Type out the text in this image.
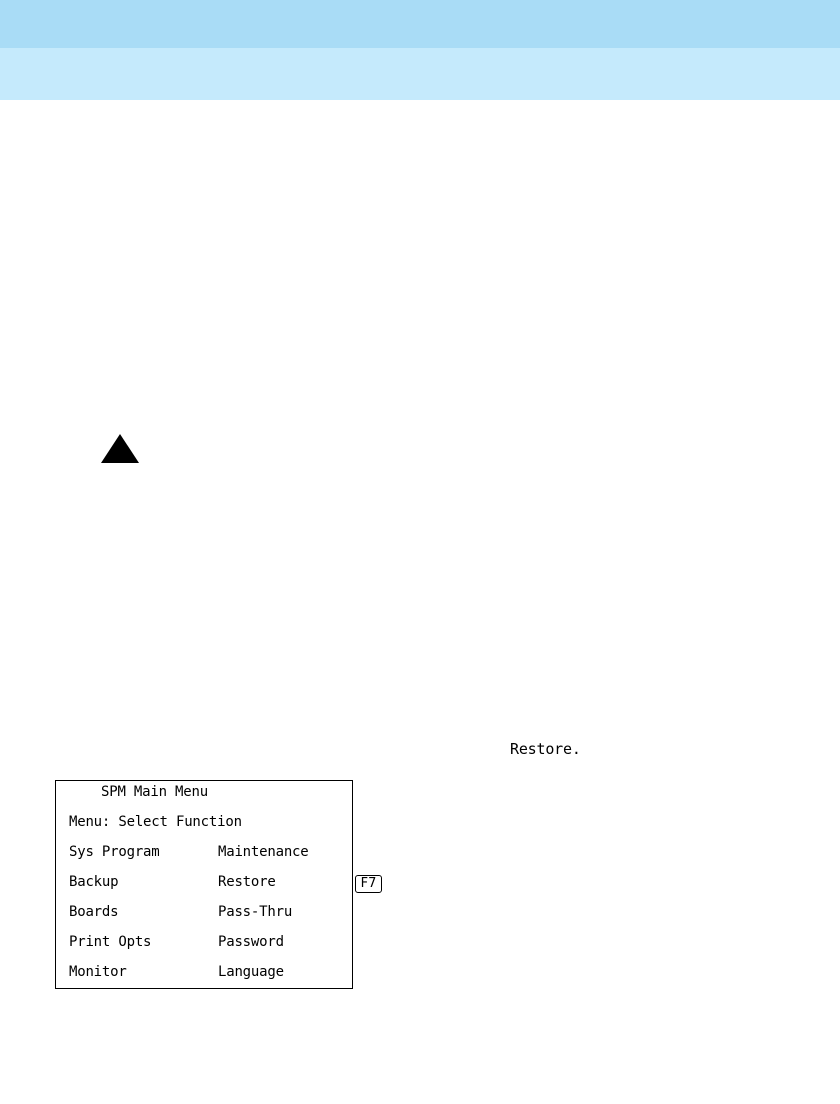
Restore.
SPM Main Menu
Menu: Select Function
Sys Program	Maintenance
Backup	Restore
Boards	Pass-Thru
Print Opts	Password
Monitor	Language
F7
